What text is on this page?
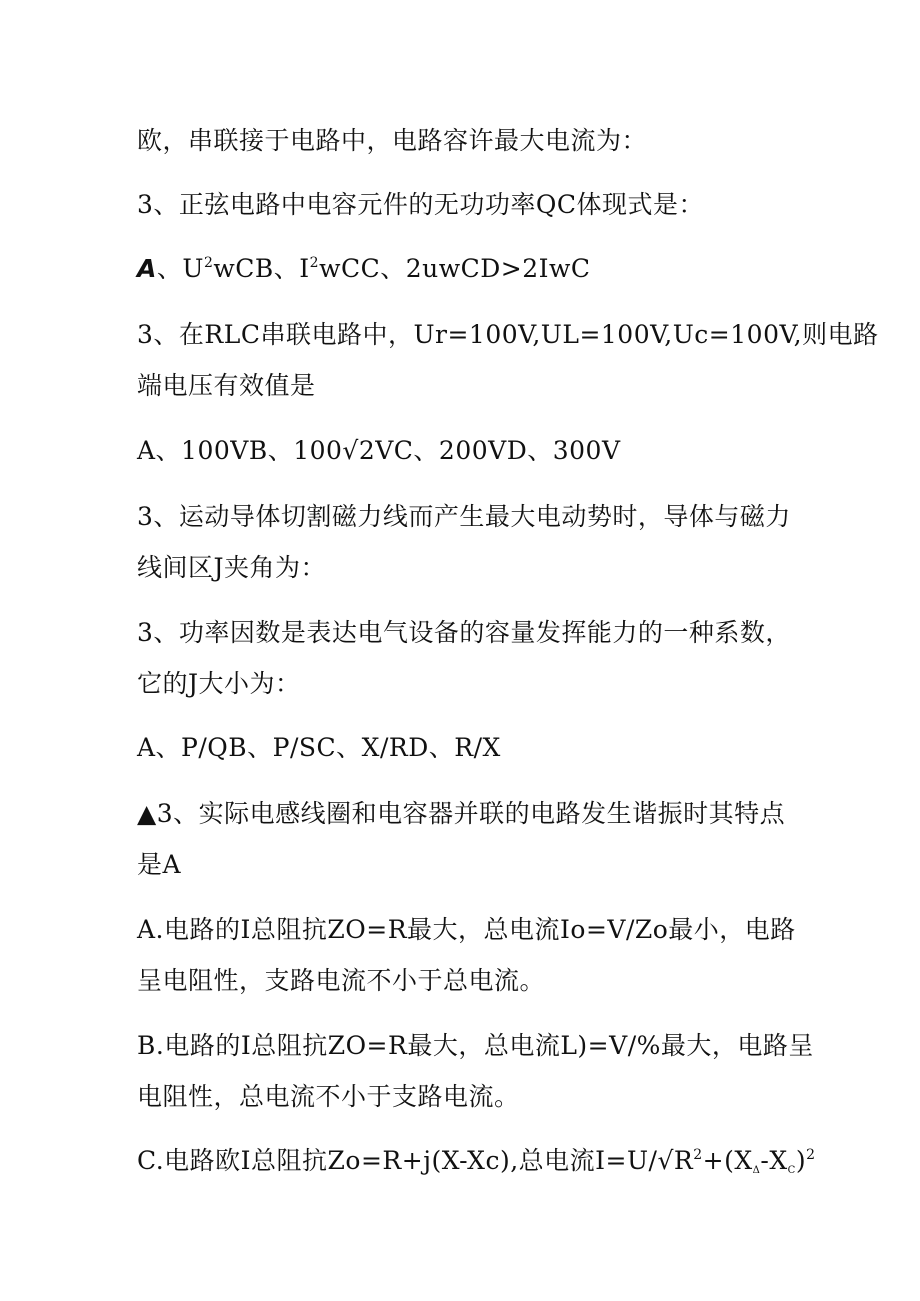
欧，串联接于电路中，电路容许最大电流为：
3、正弦电路中电容元件的无功功率QC体现式是：
A、$U^2wCB$、$I^2wCC$、2uwCD>2IwC
3、在RLC串联电路中，Ur=100V,UL=100V,Uc=100V,则电路
端电压有效值是
A、100VB、100√2VC、200VD、300V
3、运动导体切割磁力线而产生最大电动势时，导体与磁力
线间区J夹角为：
3、功率因数是表达电气设备的容量发挥能力的一种系数，
它的J大小为：
A、P/QB、P/SC、X/RD、R/X
▲3、实际电感线圈和电容器并联的电路发生谐振时其特点
是A
A.电路的I总阻抗ZO=R最大，总电流Io=V/Zo最小，电路
呈电阻性，支路电流不小于总电流。
B.电路的I总阻抗ZO=R最大，总电流L)=V/%最大，电路呈
电阻性，总电流不小于支路电流。
C.电路欧I总阻抗Zo=R+j(X-Xc),总电流$I=U/√R^2+(X_\Delta-X_C)^2$
